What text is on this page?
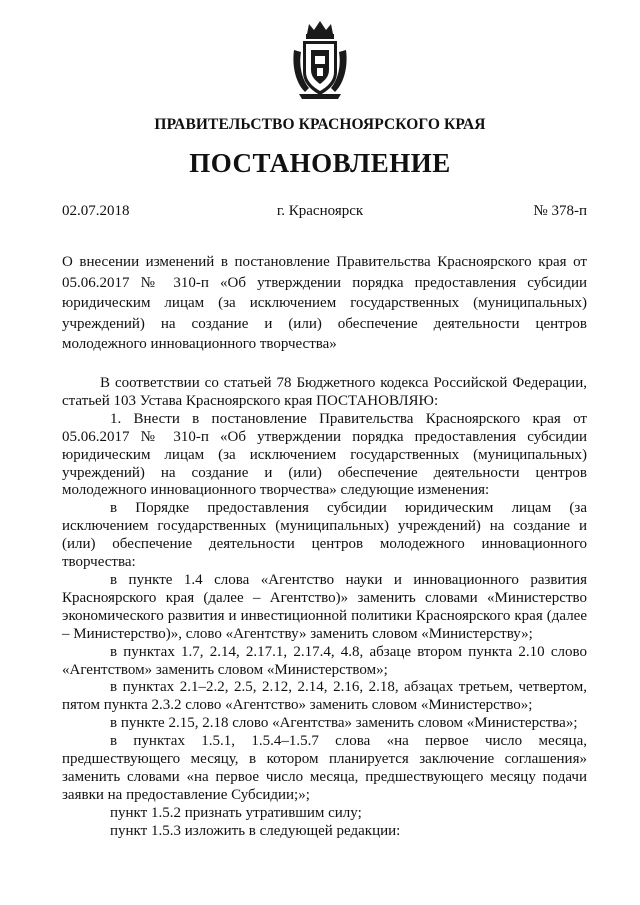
ПРАВИТЕЛЬСТВО КРАСНОЯРСКОГО КРАЯ
ПОСТАНОВЛЕНИЕ
г. Красноярск
02.07.2018	№ 378-п
О внесении изменений в постановление Правительства Красноярского края от 05.06.2017 № 310-п «Об утверждении порядка предоставления субсидии юридическим лицам (за исключением государственных (муниципальных) учреждений) на создание и (или) обеспечение деятельности центров молодежного инновационного творчества»

В соответствии со статьей 78 Бюджетного кодекса Российской Федерации, статьей 103 Устава Красноярского края ПОСТАНОВЛЯЮ:

1. Внести в постановление Правительства Красноярского края от 05.06.2017 № 310-п «Об утверждении порядка предоставления субсидии юридическим лицам (за исключением государственных (муниципальных) учреждений) на создание и (или) обеспечение деятельности центров молодежного инновационного творчества» следующие изменения:

в Порядке предоставления субсидии юридическим лицам (за исключением государственных (муниципальных) учреждений) на создание и (или) обеспечение деятельности центров молодежного инновационного творчества:

в пункте 1.4 слова «Агентство науки и инновационного развития Красноярского края (далее – Агентство)» заменить словами «Министерство экономического развития и инвестиционной политики Красноярского края (далее – Министерство)», слово «Агентству» заменить словом «Министерству»;

в пунктах 1.7, 2.14, 2.17.1, 2.17.4, 4.8, абзаце втором пункта 2.10 слово «Агентством» заменить словом «Министерством»;

в пунктах 2.1–2.2, 2.5, 2.12, 2.14, 2.16, 2.18, абзацах третьем, четвертом, пятом пункта 2.3.2 слово «Агентство» заменить словом «Министерство»;

в пункте 2.15, 2.18 слово «Агентства» заменить словом «Министерства»;

в пунктах 1.5.1, 1.5.4–1.5.7 слова «на первое число месяца, предшествующего месяцу, в котором планируется заключение соглашения» заменить словами «на первое число месяца, предшествующего месяцу подачи заявки на предоставление Субсидии;»;

пункт 1.5.2 признать утратившим силу;

пункт 1.5.3 изложить в следующей редакции:
